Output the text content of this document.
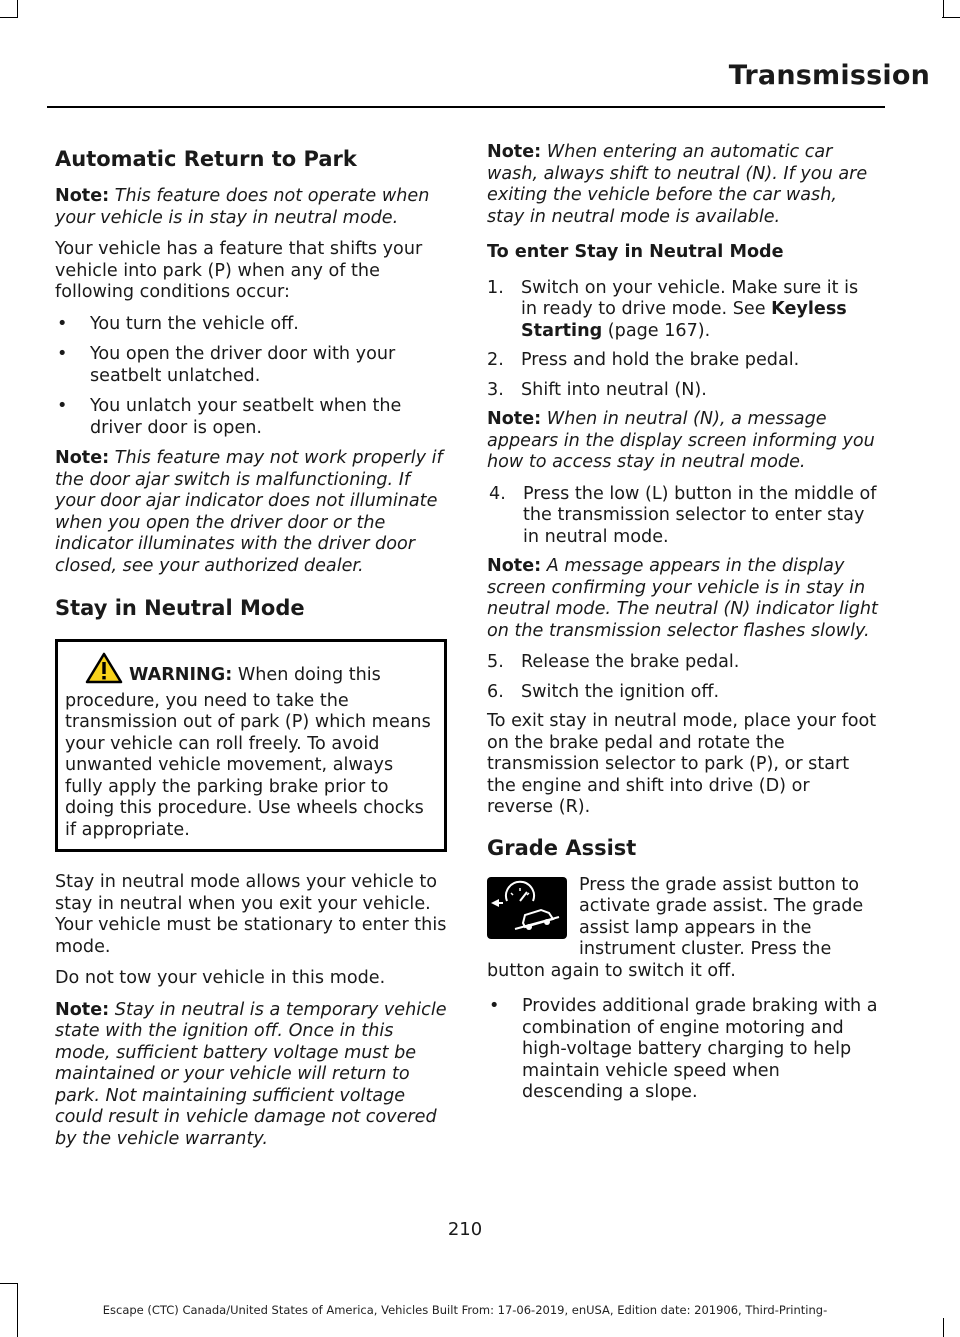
Transmission
Automatic Return to Park

Note: This feature does not operate when your vehicle is in stay in neutral mode.

Your vehicle has a feature that shifts your vehicle into park (P) when any of the following conditions occur:

•	You turn the vehicle off.
•	You open the driver door with your seatbelt unlatched.
•	You unlatch your seatbelt when the driver door is open.

Note: This feature may not work properly if the door ajar switch is malfunctioning. If your door ajar indicator does not illuminate when you open the driver door or the indicator illuminates with the driver door closed, see your authorized dealer.

Stay in Neutral Mode
WARNING: When doing this procedure, you need to take the transmission out of park (P) which means your vehicle can roll freely. To avoid unwanted vehicle movement, always fully apply the parking brake prior to doing this procedure. Use wheels chocks if appropriate.

Stay in neutral mode allows your vehicle to stay in neutral when you exit your vehicle. Your vehicle must be stationary to enter this mode.

Do not tow your vehicle in this mode.

Note: Stay in neutral is a temporary vehicle state with the ignition off. Once in this mode, sufficient battery voltage must be maintained or your vehicle will return to park. Not maintaining sufficient voltage could result in vehicle damage not covered by the vehicle warranty.

Note: When entering an automatic car wash, always shift to neutral (N). If you are exiting the vehicle before the car wash, stay in neutral mode is available.

To enter Stay in Neutral Mode
1. Switch on your vehicle. Make sure it is in ready to drive mode. See Keyless Starting (page 167).
2. Press and hold the brake pedal.
3. Shift into neutral (N).

Note: When in neutral (N), a message appears in the display screen informing you how to access stay in neutral mode.

4. Press the low (L) button in the middle of the transmission selector to enter stay in neutral mode.

Note: A message appears in the display screen confirming your vehicle is in stay in neutral mode. The neutral (N) indicator light on the transmission selector flashes slowly.

5. Release the brake pedal.
6. Switch the ignition off.

To exit stay in neutral mode, place your foot on the brake pedal and rotate the transmission selector to park (P), or start the engine and shift into drive (D) or reverse (R).

Grade Assist

Press the grade assist button to activate grade assist. The grade assist lamp appears in the instrument cluster. Press the button again to switch it off.

•	Provides additional grade braking with a combination of engine motoring and high-voltage battery charging to help maintain vehicle speed when descending a slope.
210
Escape (CTC) Canada/United States of America, Vehicles Built From: 17-06-2019, enUSA, Edition date: 201906, Third-Printing-
